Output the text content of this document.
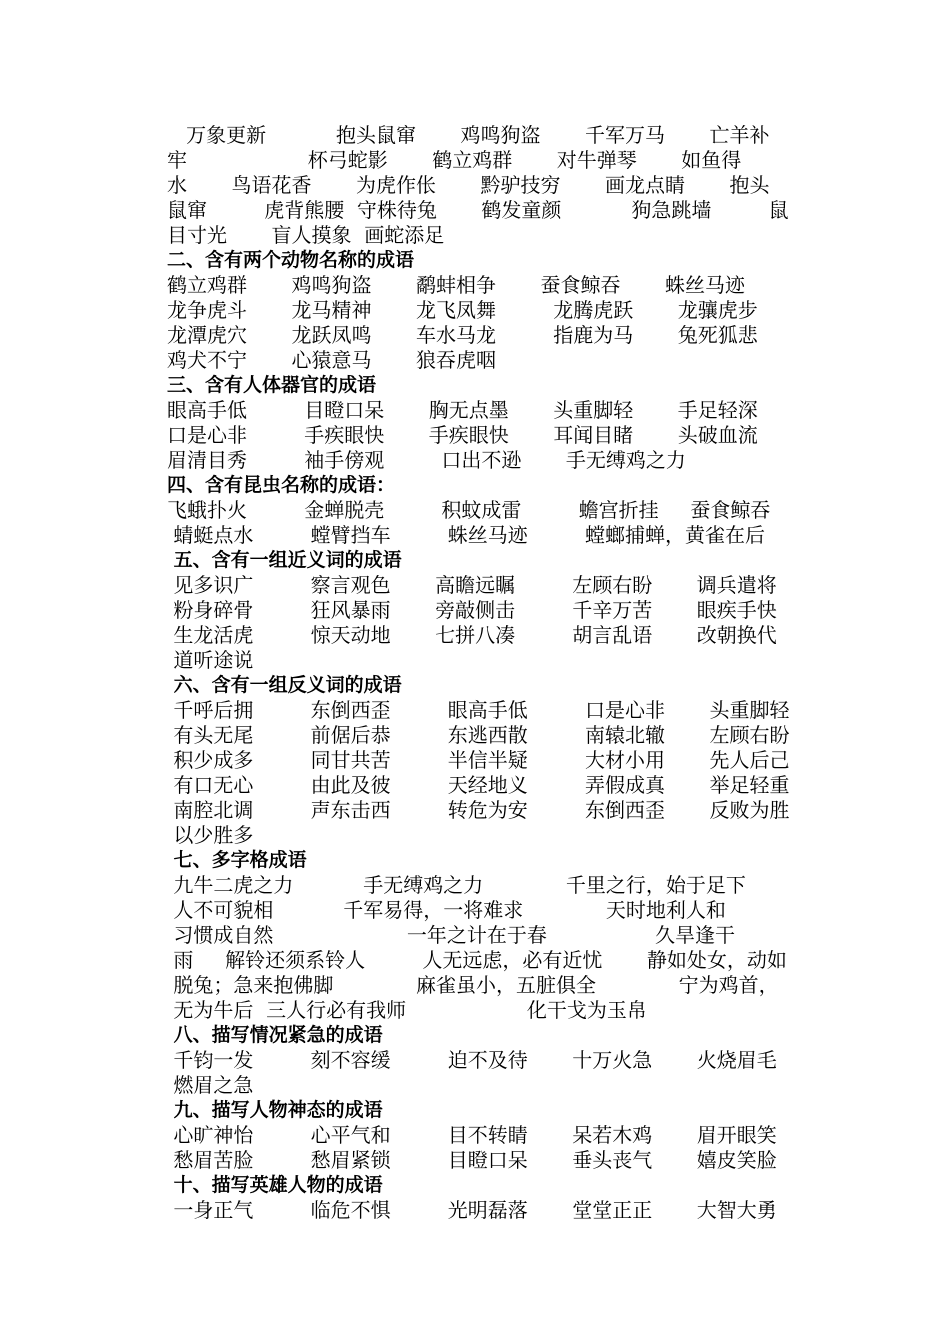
万象更新           抱头鼠窜       鸡鸣狗盗       千军万马       亡羊补
牢                   杯弓蛇影       鹤立鸡群       对牛弹琴       如鱼得
水       鸟语花香       为虎作伥       黔驴技穷       画龙点睛       抱头
鼠窜         虎背熊腰  守株待兔       鹤发童颜           狗急跳墙         鼠
目寸光       盲人摸象  画蛇添足
二、含有两个动物名称的成语
鹤立鸡群       鸡鸣狗盗       鹬蚌相争       蚕食鲸吞       蛛丝马迹
龙争虎斗       龙马精神       龙飞凤舞         龙腾虎跃       龙骧虎步
龙潭虎穴       龙跃凤鸣       车水马龙         指鹿为马       兔死狐悲
鸡犬不宁       心猿意马       狼吞虎咽
三、含有人体器官的成语
眼高手低         目瞪口呆       胸无点墨       头重脚轻       手足轻深
口是心非         手疾眼快       手疾眼快       耳闻目睹       头破血流
眉清目秀         袖手傍观         口出不逊       手无缚鸡之力
四、含有昆虫名称的成语：
飞蛾扑火         金蝉脱壳         积蚊成雷         蟾宫折挂     蚕食鲸吞
蜻蜓点水         螳臂挡车         蛛丝马迹         螳螂捕蝉，黄雀在后
五、含有一组近义词的成语
见多识广         察言观色       高瞻远瞩         左顾右盼       调兵遣将
粉身碎骨         狂风暴雨       旁敲侧击         千辛万苦       眼疾手快
生龙活虎         惊天动地       七拼八凑         胡言乱语       改朝换代
道听途说
六、含有一组反义词的成语
千呼后拥         东倒西歪         眼高手低         口是心非       头重脚轻
有头无尾         前倨后恭         东逃西散         南辕北辙       左顾右盼
积少成多         同甘共苦         半信半疑         大材小用       先人后己
有口无心         由此及彼         天经地义         弄假成真       举足轻重
南腔北调         声东击西         转危为安         东倒西歪       反败为胜
以少胜多
七、多字格成语
九牛二虎之力           手无缚鸡之力             千里之行，始于足下
人不可貌相           千军易得，一将难求             天时地利人和
习惯成自然                     一年之计在于春                 久旱逢干
雨     解铃还须系铃人         人无远虑，必有近忧       静如处女，动如
脱兔；急来抱佛脚             麻雀虽小，五脏俱全             宁为鸡首，
无为牛后  三人行必有我师                   化干戈为玉帛
八、描写情况紧急的成语
千钧一发         刻不容缓         迫不及待       十万火急       火烧眉毛
燃眉之急
九、描写人物神态的成语
心旷神怡         心平气和         目不转睛       呆若木鸡       眉开眼笑
愁眉苦脸         愁眉紧锁         目瞪口呆       垂头丧气       嬉皮笑脸
十、描写英雄人物的成语
一身正气         临危不惧         光明磊落       堂堂正正       大智大勇
